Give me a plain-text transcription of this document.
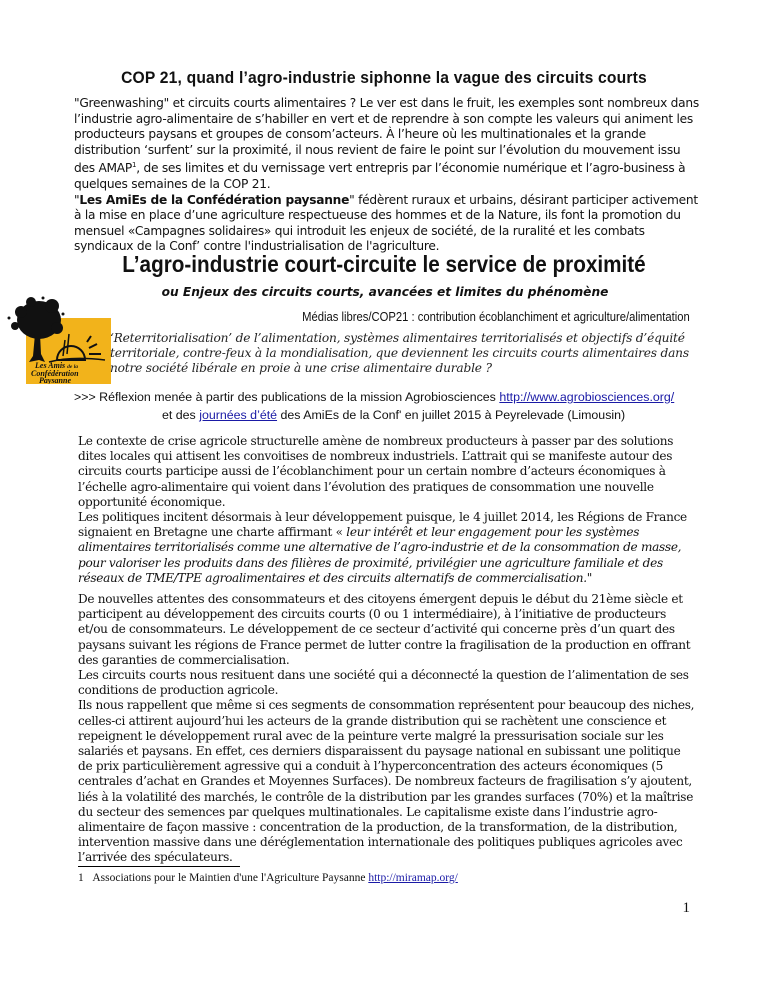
COP 21, quand l’agro-industrie siphonne la vague des circuits courts
"Greenwashing" et circuits courts alimentaires ? Le ver est dans le fruit, les exemples sont nombreux dans l’industrie agro-alimentaire de s’habiller en vert et de reprendre à son compte les valeurs qui animent les producteurs paysans et groupes de consom’acteurs. À l’heure où les multinationales et la grande distribution ‘surfent’ sur la proximité, il nous revient de faire le point sur l’évolution du mouvement issu des AMAP$^1$, de ses limites et du vernissage vert entrepris par l’économie numérique et l’agro-business à quelques semaines de la COP 21.
"Les AmiEs de la Confédération paysanne" fédèrent ruraux et urbains, désirant participer activement à la mise en place d’une agriculture respectueuse des hommes et de la Nature, ils font la promotion du mensuel «Campagnes solidaires» qui introduit les enjeux de société, de la ruralité et les combats syndicaux de la Conf’ contre l'industrialisation de l'agriculture.
L’agro-industrie court-circuite le service de proximité
ou Enjeux des circuits courts, avancées et limites du phénomène
Médias libres/COP21 : contribution écoblanchiment et agriculture/alimentation
Les Amis de la
Confédération
Paysanne
‘Reterritorialisation’ de l’alimentation, systèmes alimentaires territorialisés et objectifs d’équité territoriale, contre-feux à la mondialisation, que deviennent les circuits courts alimentaires dans notre société libérale en proie à une crise alimentaire durable ?
>>> Réflexion menée à partir des publications de la mission Agrobiosciences http://www.agrobiosciences.org/
et des journées d’été des AmiEs de la Conf' en juillet 2015 à Peyrelevade (Limousin)

Le contexte de crise agricole structurelle amène de nombreux producteurs à passer par des solutions dites locales qui attisent les convoitises de nombreux industriels. L’attrait qui se manifeste autour des circuits courts participe aussi de l’écoblanchiment pour un certain nombre d’acteurs économiques à l’échelle agro-alimentaire qui voient dans l’évolution des pratiques de consommation une nouvelle opportunité économique.

Les politiques incitent désormais à leur développement puisque, le 4 juillet 2014, les Régions de France signaient en Bretagne une charte affirmant « leur intérêt et leur engagement pour les systèmes alimentaires territorialisés comme une alternative de l’agro-industrie et de la consommation de masse, pour valoriser les produits dans des filières de proximité, privilégier une agriculture familiale et des réseaux de TME/TPE agroalimentaires et des circuits alternatifs de commercialisation."

De nouvelles attentes des consommateurs et des citoyens émergent depuis le début du 21ème siècle et participent au développement des circuits courts (0 ou 1 intermédiaire), à l’initiative de producteurs et/ou de consommateurs. Le développement de ce secteur d’activité qui concerne près d’un quart des paysans suivant les régions de France permet de lutter contre la fragilisation de la production en offrant des garanties de commercialisation.

Les circuits courts nous resituent dans une société qui a déconnecté la question de l’alimentation de ses conditions de production agricole.

Ils nous rappellent que même si ces segments de consommation représentent pour beaucoup des niches, celles-ci attirent aujourd’hui les acteurs de la grande distribution qui se rachètent une conscience et repeignent le développement rural avec de la peinture verte malgré la pressurisation sociale sur les salariés et paysans. En effet, ces derniers disparaissent du paysage national en subissant une politique de prix particulièrement agressive qui a conduit à l’hyperconcentration des acteurs économiques (5 centrales d’achat en Grandes et Moyennes Surfaces). De nombreux facteurs de fragilisation s’y ajoutent, liés à la volatilité des marchés, le contrôle de la distribution par les grandes surfaces (70%) et la maîtrise du secteur des semences par quelques multinationales. Le capitalisme existe dans l’industrie agro-alimentaire de façon massive : concentration de la production, de la transformation, de la distribution, intervention massive dans une déréglementation internationale des politiques publiques agricoles avec l’arrivée des spéculateurs.

1 Associations pour le Maintien d'une l'Agriculture Paysanne http://miramap.org/
1
